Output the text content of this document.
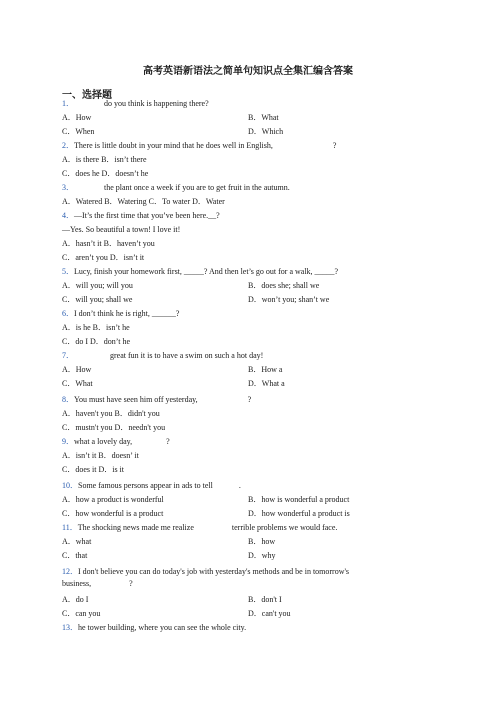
高考英语新语法之简单句知识点全集汇编含答案
一、选择题
1．	do you think is happening there?
A．How	B．What
C．When	D．Which
2．There is little doubt in your mind that he does well in English,	?
A．is there B．isn’t there
C．does he D．doesn’t he
3．	the plant once a week if you are to get fruit in the autumn.
A．Watered B．Watering C．To water D．Water
4．—It’s the first time that you’ve been here.__?
—Yes. So beautiful a town! I love it!
A．hasn’t it B．haven’t you
C．aren’t you D．isn’t it
5．Lucy, finish your homework first, _____? And then let’s go out for a walk, _____?
A．will you; will you	B．does she; shall we
C．will you; shall we	D．won’t you; shan’t we
6．I don’t think he is right, ______?
A．is he B．isn’t he
C．do I D．don’t he
7．	great fun it is to have a swim on such a hot day!
A．How	B．How a
C．What	D．What a
8．You must have seen him off yesterday,	?
A．haven't you B．didn't you
C．mustn't you D．needn't you
9．what a lovely day,	?
A．isn’t it B．doesn’ it
C．does it D．is it
10．Some famous persons appear in ads to tell	.
A．how a product is wonderful	B．how is wonderful a product
C．how wonderful is a product	D．how wonderful a product is
11．The shocking news made me realize	terrible problems we would face.
A．what	B．how
C．that	D．why
12．I don't believe you can do today's job with yesterday's methods and be in tomorrow's
business,	?
A．do I	B．don't I
C．can you	D．can't you
13．he tower building, where you can see the whole city.
